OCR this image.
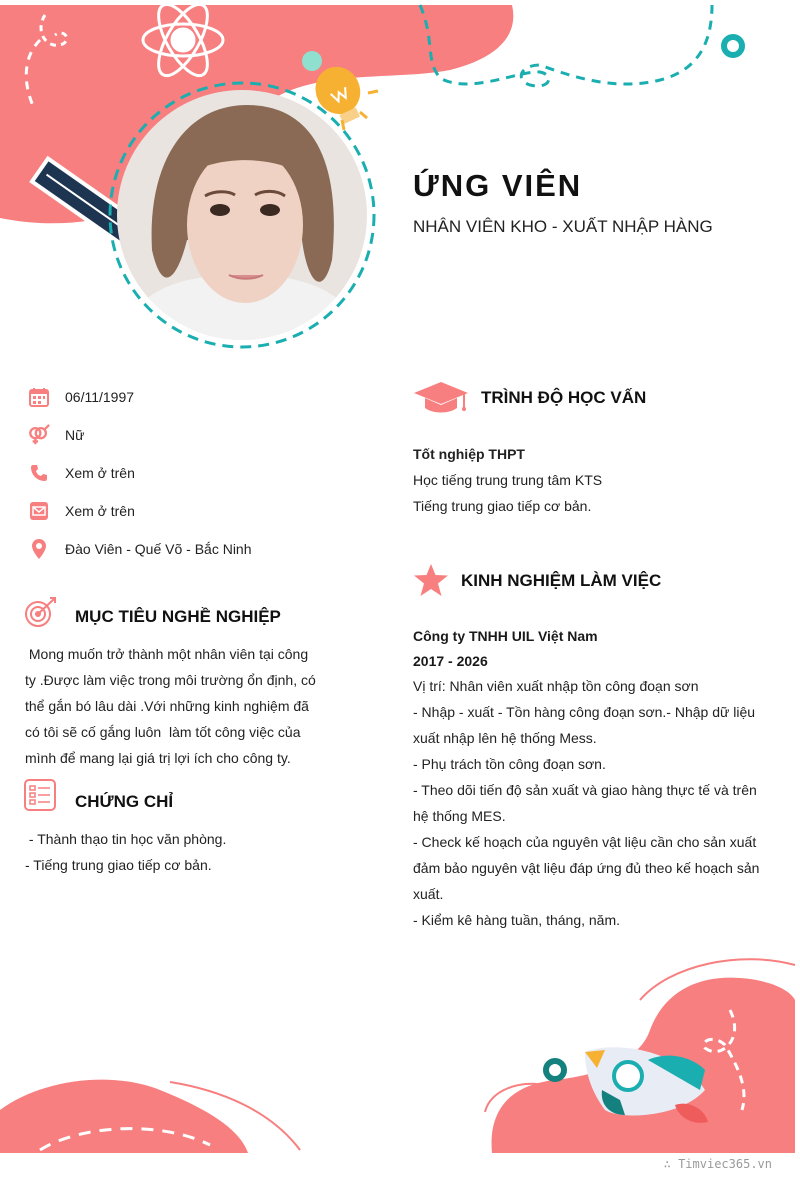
ỨNG VIÊN
NHÂN VIÊN KHO - XUẤT NHẬP HÀNG
06/11/1997
Nữ
Xem ở trên
Xem ở trên
Đào Viên - Quế Võ - Bắc Ninh
MỤC TIÊU NGHỀ NGHIỆP
Mong muốn trở thành một nhân viên tại công
ty .Được làm việc trong môi trường ổn định, có
thể gắn bó lâu dài .Với những kinh nghiệm đã
có tôi sẽ cố gắng luôn  làm tốt công việc của
mình để mang lại giá trị lợi ích cho công ty.
CHỨNG CHỈ
- Thành thạo tin học văn phòng.
- Tiếng trung giao tiếp cơ bản.
TRÌNH ĐỘ HỌC VẤN
Tốt nghiệp THPT
Học tiếng trung trung tâm KTS
Tiếng trung giao tiếp cơ bản.
KINH NGHIỆM LÀM VIỆC
Công ty TNHH UIL Việt Nam
2017 - 2026
Vị trí: Nhân viên xuất nhập tồn công đoạn sơn
- Nhập - xuất - Tồn hàng công đoạn sơn.- Nhập dữ liệu
xuất nhập lên hệ thống Mess.
- Phụ trách tồn công đoạn sơn.
- Theo dõi tiến độ sản xuất và giao hàng thực tế và trên
hệ thống MES.
- Check kế hoạch của nguyên vật liệu cần cho sản xuất
đảm bảo nguyên vật liệu đáp ứng đủ theo kế hoạch sản
xuất.
- Kiểm kê hàng tuần, tháng, năm.
∴ Timviec365.vn
